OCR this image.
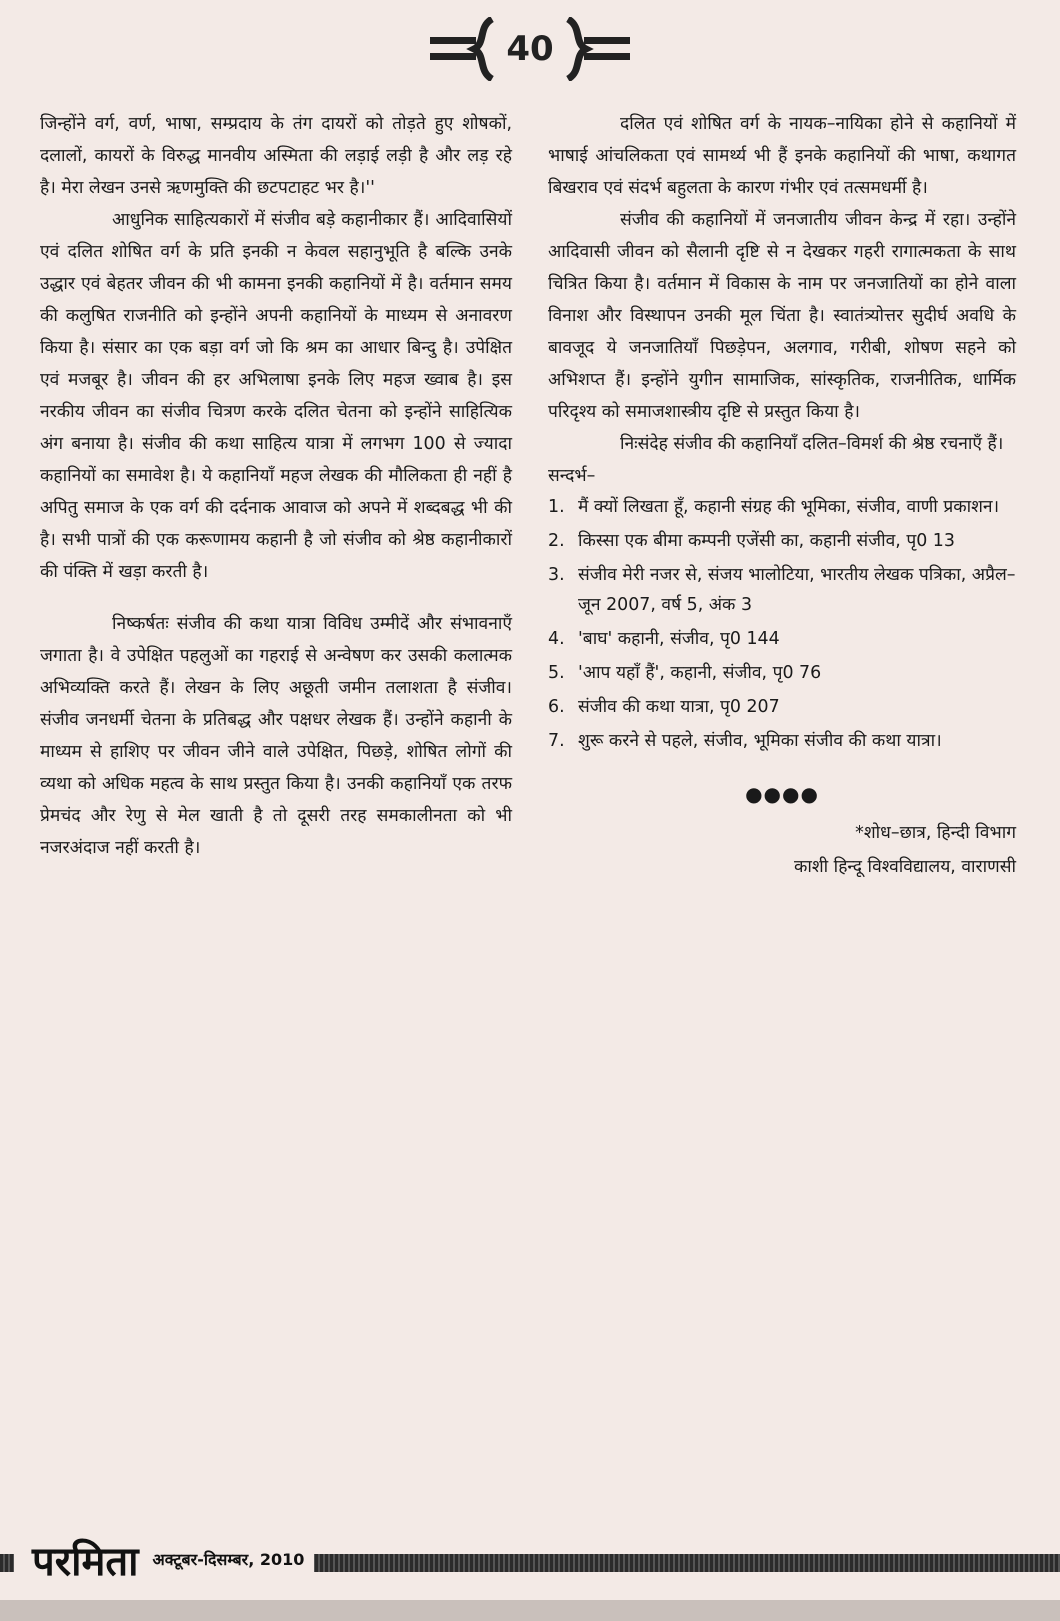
40

जिन्होंने वर्ग, वर्ण, भाषा, सम्प्रदाय के तंग दायरों को तोड़ते हुए शोषकों, दलालों, कायरों के विरुद्ध मानवीय अस्मिता की लड़ाई लड़ी है और लड़ रहे है। मेरा लेखन उनसे ऋणमुक्ति की छटपटाहट भर है।''

आधुनिक साहित्यकारों में संजीव बड़े कहानीकार हैं। आदिवासियों एवं दलित शोषित वर्ग के प्रति इनकी न केवल सहानुभूति है बल्कि उनके उद्धार एवं बेहतर जीवन की भी कामना इनकी कहानियों में है। वर्तमान समय की कलुषित राजनीति को इन्होंने अपनी कहानियों के माध्यम से अनावरण किया है। संसार का एक बड़ा वर्ग जो कि श्रम का आधार बिन्दु है। उपेक्षित एवं मजबूर है। जीवन की हर अभिलाषा इनके लिए महज ख्वाब है। इस नरकीय जीवन का संजीव चित्रण करके दलित चेतना को इन्होंने साहित्यिक अंग बनाया है। संजीव की कथा साहित्य यात्रा में लगभग 100 से ज्यादा कहानियों का समावेश है। ये कहानियाँ महज लेखक की मौलिकता ही नहीं है अपितु समाज के एक वर्ग की दर्दनाक आवाज को अपने में शब्दबद्ध भी की है। सभी पात्रों की एक करूणामय कहानी है जो संजीव को श्रेष्ठ कहानीकारों की पंक्ति में खड़ा करती है।

निष्कर्षतः संजीव की कथा यात्रा विविध उम्मीदें और संभावनाएँ जगाता है। वे उपेक्षित पहलुओं का गहराई से अन्वेषण कर उसकी कलात्मक अभिव्यक्ति करते हैं। लेखन के लिए अछूती जमीन तलाशता है संजीव। संजीव जनधर्मी चेतना के प्रतिबद्ध और पक्षधर लेखक हैं। उन्होंने कहानी के माध्यम से हाशिए पर जीवन जीने वाले उपेक्षित, पिछड़े, शोषित लोगों की व्यथा को अधिक महत्व के साथ प्रस्तुत किया है। उनकी कहानियाँ एक तरफ प्रेमचंद और रेणु से मेल खाती है तो दूसरी तरह समकालीनता को भी नजरअंदाज नहीं करती है।

दलित एवं शोषित वर्ग के नायक–नायिका होने से कहानियों में भाषाई आंचलिकता एवं सामर्थ्य भी हैं इनके कहानियों की भाषा, कथागत बिखराव एवं संदर्भ बहुलता के कारण गंभीर एवं तत्समधर्मी है।

संजीव की कहानियों में जनजातीय जीवन केन्द्र में रहा। उन्होंने आदिवासी जीवन को सैलानी दृष्टि से न देखकर गहरी रागात्मकता के साथ चित्रित किया है। वर्तमान में विकास के नाम पर जनजातियों का होने वाला विनाश और विस्थापन उनकी मूल चिंता है। स्वातंत्र्योत्तर सुदीर्घ अवधि के बावजूद ये जनजातियाँ पिछड़ेपन, अलगाव, गरीबी, शोषण सहने को अभिशप्त हैं। इन्होंने युगीन सामाजिक, सांस्कृतिक, राजनीतिक, धार्मिक परिदृश्य को समाजशास्त्रीय दृष्टि से प्रस्तुत किया है।

निःसंदेह संजीव की कहानियाँ दलित–विमर्श की श्रेष्ठ रचनाएँ हैं।

सन्दर्भ–

1. मैं क्यों लिखता हूँ, कहानी संग्रह की भूमिका, संजीव, वाणी प्रकाशन।
2. किस्सा एक बीमा कम्पनी एजेंसी का, कहानी संजीव, पृ0 13
3. संजीव मेरी नजर से, संजय भालोटिया, भारतीय लेखक पत्रिका, अप्रैल–जून 2007, वर्ष 5, अंक 3
4. 'बाघ' कहानी, संजीव, पृ0 144
5. 'आप यहाँ हैं', कहानी, संजीव, पृ0 76
6. संजीव की कथा यात्रा, पृ0 207
7. शुरू करने से पहले, संजीव, भूमिका संजीव की कथा यात्रा।
●●●●
*शोध–छात्र, हिन्दी विभाग
काशी हिन्दू विश्वविद्यालय, वाराणसी
परमिता अक्टूबर-दिसम्बर, 2010
